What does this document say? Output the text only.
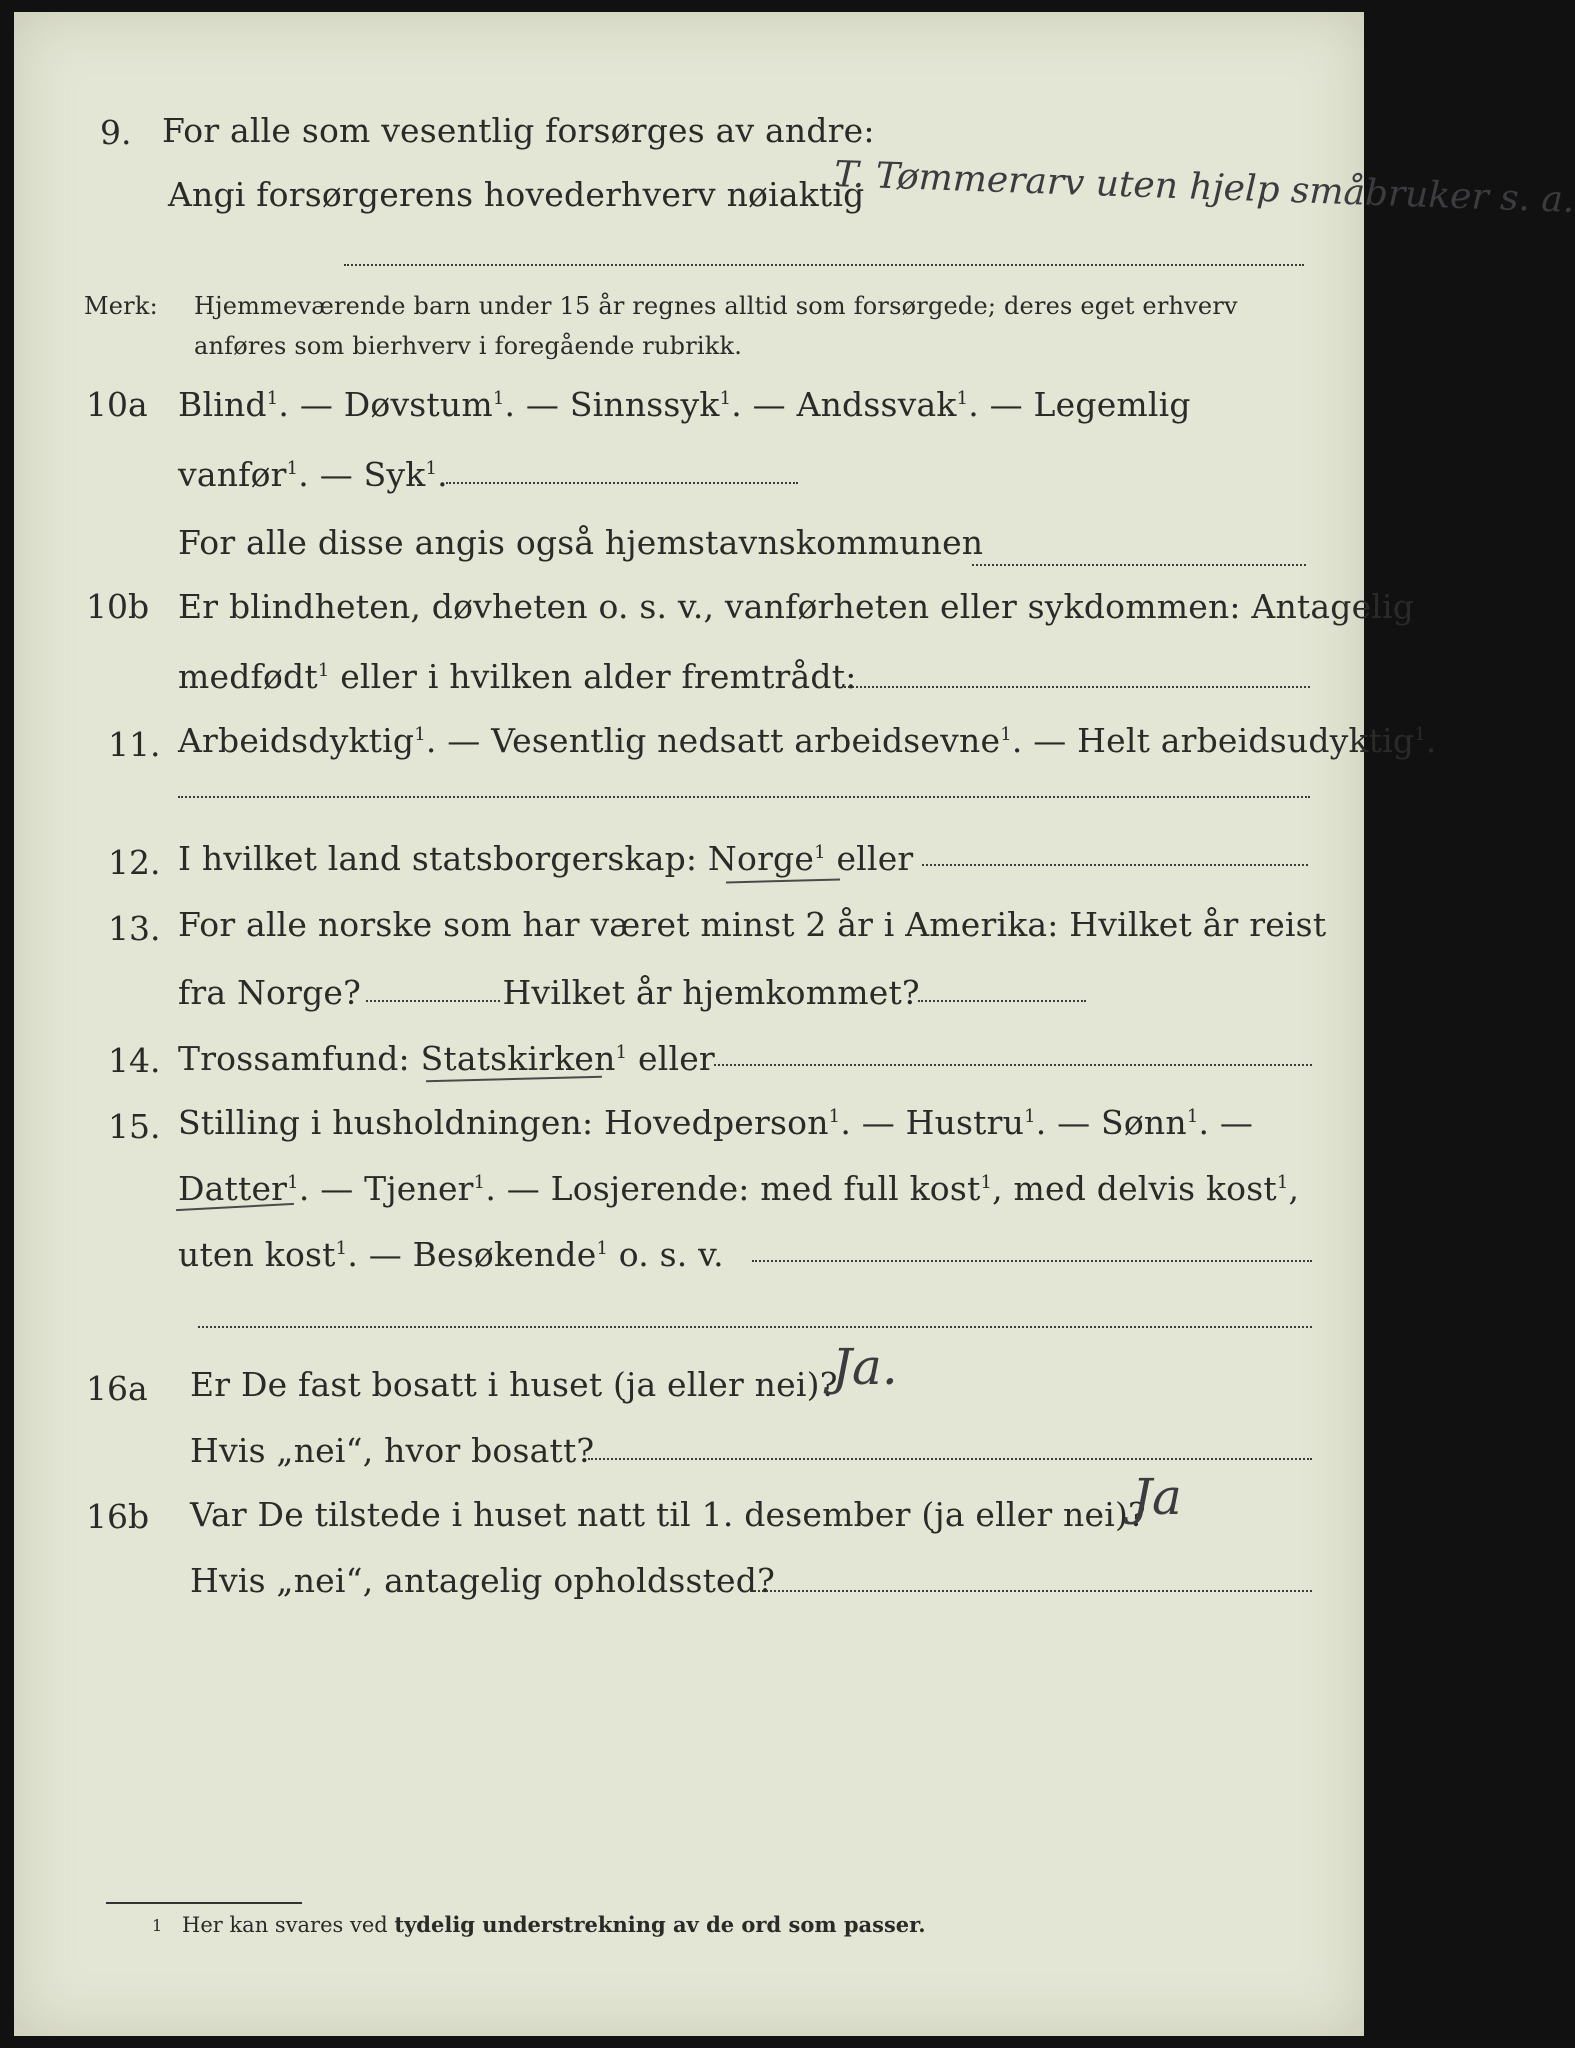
9. For alle som vesentlig forsørges av andre:
Angi forsørgerens hovederhverv nøiaktig
T. Tømmerarv uten hjelp småbruker s. a.
Merk: Hjemmeværende barn under 15 år regnes alltid som forsørgede; deres eget erhverv
anføres som bierhverv i foregående rubrikk.
10a Blind$^1$. — Døvstum$^1$. — Sinnssyk$^1$. — Andssvak$^1$. — Legemlig
vanfør$^1$. — Syk$^1$.
For alle disse angis også hjemstavnskommunen
10b Er blindheten, døvheten o. s. v., vanførheten eller sykdommen: Antagelig
medfødt$^1$ eller i hvilken alder fremtrådt:
11. Arbeidsdyktig$^1$. — Vesentlig nedsatt arbeidsevne$^1$. — Helt arbeidsudyktig$^1$.
12. I hvilket land statsborgerskap: Norge$^1$ eller
13. For alle norske som har været minst 2 år i Amerika: Hvilket år reist
fra Norge?	Hvilket år hjemkommet?
14. Trossamfund: Statskirken$^1$ eller
15. Stilling i husholdningen: Hovedperson$^1$. — Hustru$^1$. — Sønn$^1$. —
Datter$^1$. — Tjener$^1$. — Losjerende: med full kost$^1$, med delvis kost$^1$,
uten kost$^1$. — Besøkende$^1$ o. s. v.
16a Er De fast bosatt i huset (ja eller nei)?
Ja.
Hvis „nei“, hvor bosatt?
16b Var De tilstede i huset natt til 1. desember (ja eller nei)?
Ja
Hvis „nei“, antagelig opholdssted?
1 Her kan svares ved tydelig understrekning av de ord som passer.
